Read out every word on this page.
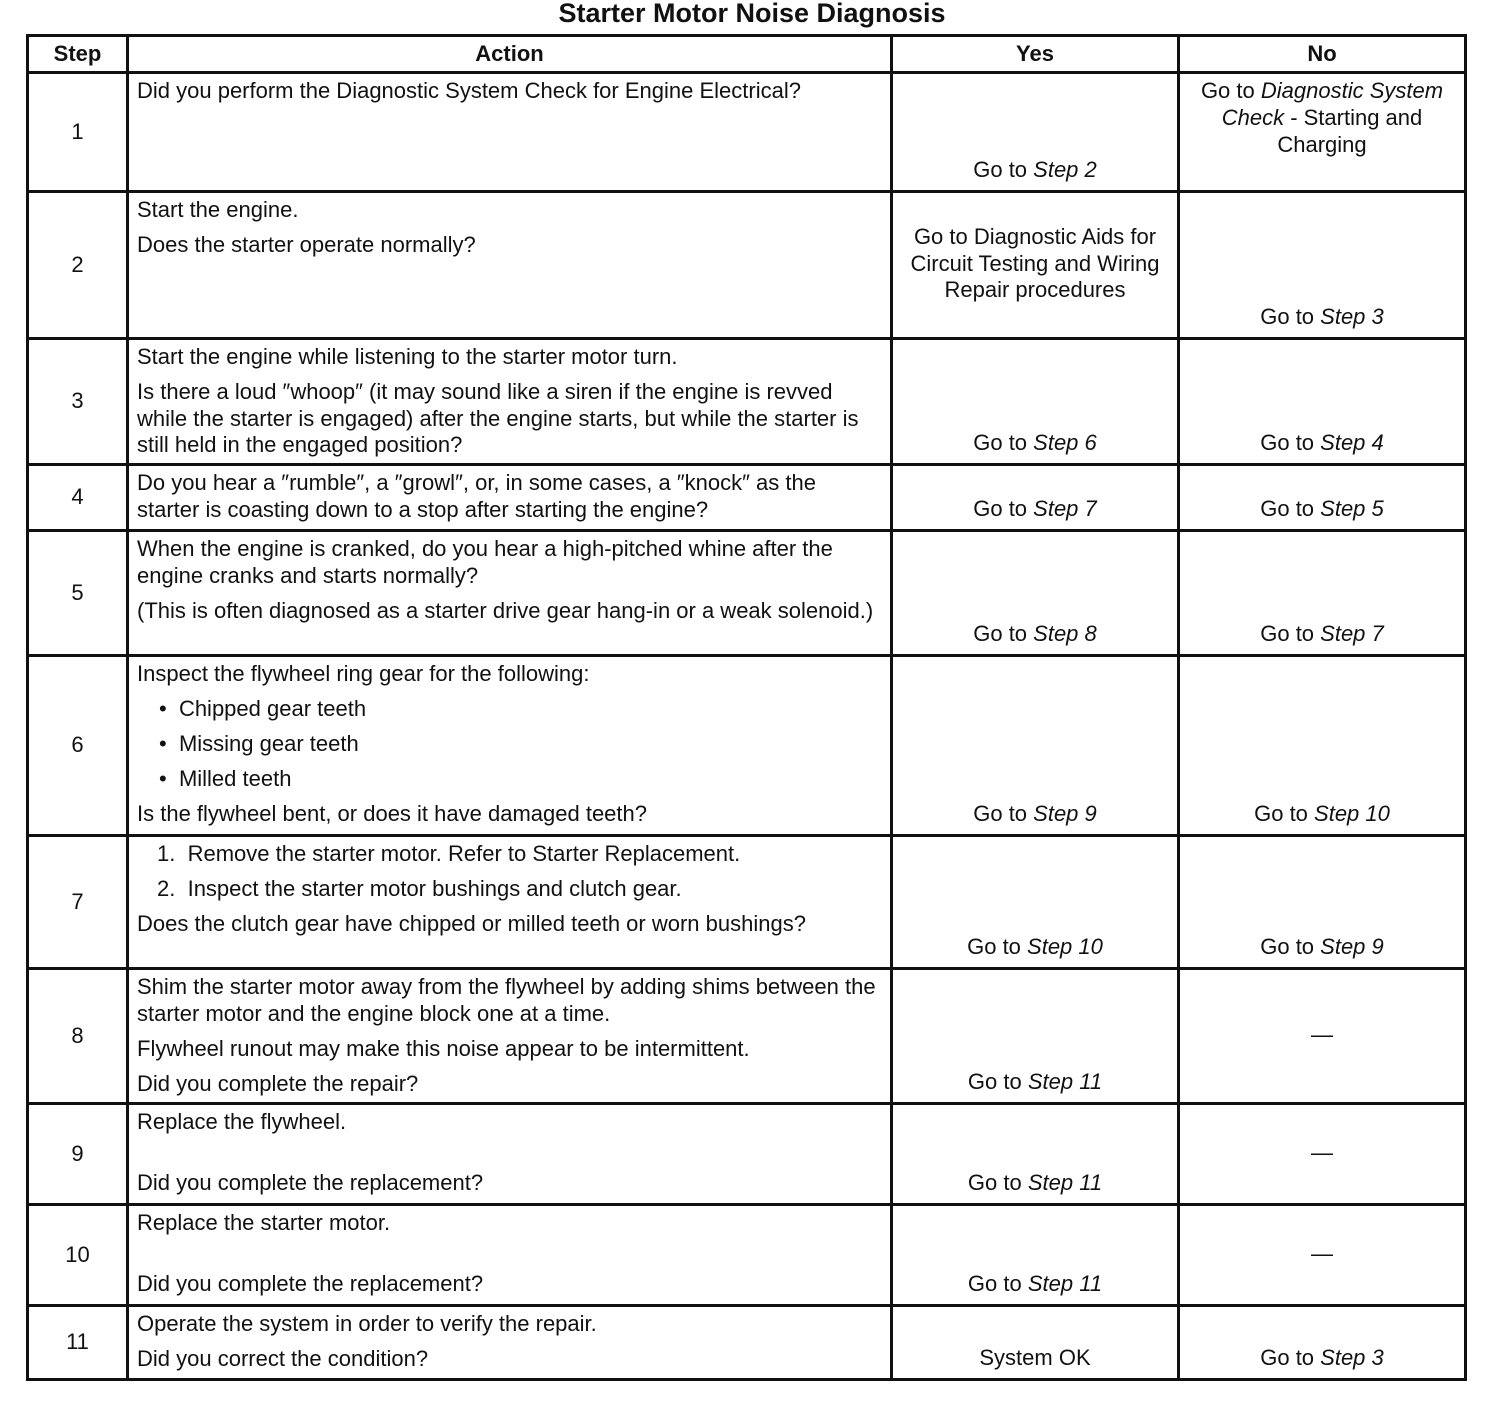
Starter Motor Noise Diagnosis
Step	Action	Yes	No
1	Did you perform the Diagnostic System Check for Engine Electrical?	Go to Step 2	Go to Diagnostic System Check - Starting and Charging
2	Start the engine.
Does the starter operate normally?	Go to Diagnostic Aids for Circuit Testing and Wiring Repair procedures	Go to Step 3
3	Start the engine while listening to the starter motor turn.
Is there a loud ″whoop″ (it may sound like a siren if the engine is revved while the starter is engaged) after the engine starts, but while the starter is still held in the engaged position?	Go to Step 6	Go to Step 4
4	Do you hear a ″rumble″, a ″growl″, or, in some cases, a ″knock″ as the starter is coasting down to a stop after starting the engine?	Go to Step 7	Go to Step 5
5	When the engine is cranked, do you hear a high-pitched whine after the engine cranks and starts normally?
(This is often diagnosed as a starter drive gear hang-in or a weak solenoid.)	Go to Step 8	Go to Step 7
6	Inspect the flywheel ring gear for the following:
•  Chipped gear teeth
•  Missing gear teeth
•  Milled teeth
Is the flywheel bent, or does it have damaged teeth?	Go to Step 9	Go to Step 10
7	1.  Remove the starter motor. Refer to Starter Replacement.
2.  Inspect the starter motor bushings and clutch gear.
Does the clutch gear have chipped or milled teeth or worn bushings?	Go to Step 10	Go to Step 9
8	Shim the starter motor away from the flywheel by adding shims between the starter motor and the engine block one at a time.
Flywheel runout may make this noise appear to be intermittent.
Did you complete the repair?	Go to Step 11	—
9	Replace the flywheel.
Did you complete the replacement?	Go to Step 11	—
10	Replace the starter motor.
Did you complete the replacement?	Go to Step 11	—
11	Operate the system in order to verify the repair.
Did you correct the condition?	System OK	Go to Step 3
